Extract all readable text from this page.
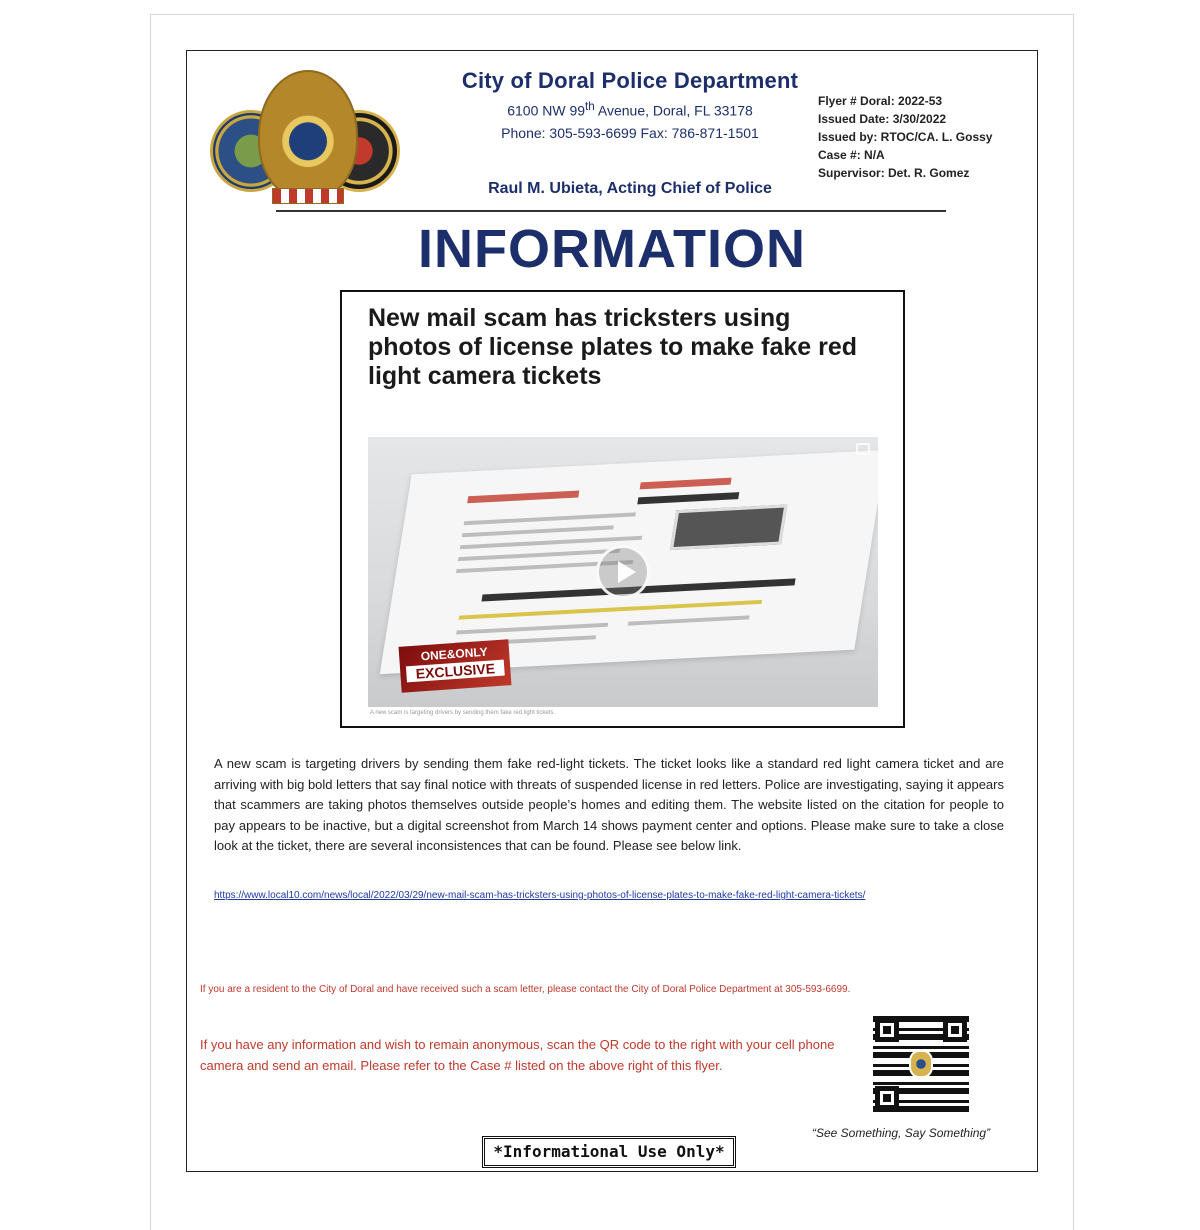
City of Doral Police Department
6100 NW 99th Avenue, Doral, FL 33178
Phone: 305-593-6699 Fax: 786-871-1501
Raul M. Ubieta, Acting Chief of Police
Flyer # Doral: 2022-53
Issued Date: 3/30/2022
Issued by: RTOC/CA. L. Gossy
Case #: N/A
Supervisor: Det. R. Gomez
INFORMATION
New mail scam has tricksters using photos of license plates to make fake red light camera tickets
ONE&ONLY
EXCLUSIVE
A new scam is targeting drivers by sending them fake red light tickets.
A new scam is targeting drivers by sending them fake red-light tickets. The ticket looks like a standard red light camera ticket and are arriving with big bold letters that say final notice with threats of suspended license in red letters. Police are investigating, saying it appears that scammers are taking photos themselves outside people’s homes and editing them. The website listed on the citation for people to pay appears to be inactive, but a digital screenshot from March 14 shows payment center and options. Please make sure to take a close look at the ticket, there are several inconsistences that can be found. Please see below link.
https://www.local10.com/news/local/2022/03/29/new-mail-scam-has-tricksters-using-photos-of-license-plates-to-make-fake-red-light-camera-tickets/
If you are a resident to the City of Doral and have received such a scam letter, please contact the City of Doral Police Department at 305-593-6699.
If you have any information and wish to remain anonymous, scan the QR code to the right with your cell phone camera and send an email. Please refer to the Case # listed on the above right of this flyer.
“See Something, Say Something”
*Informational Use Only*
